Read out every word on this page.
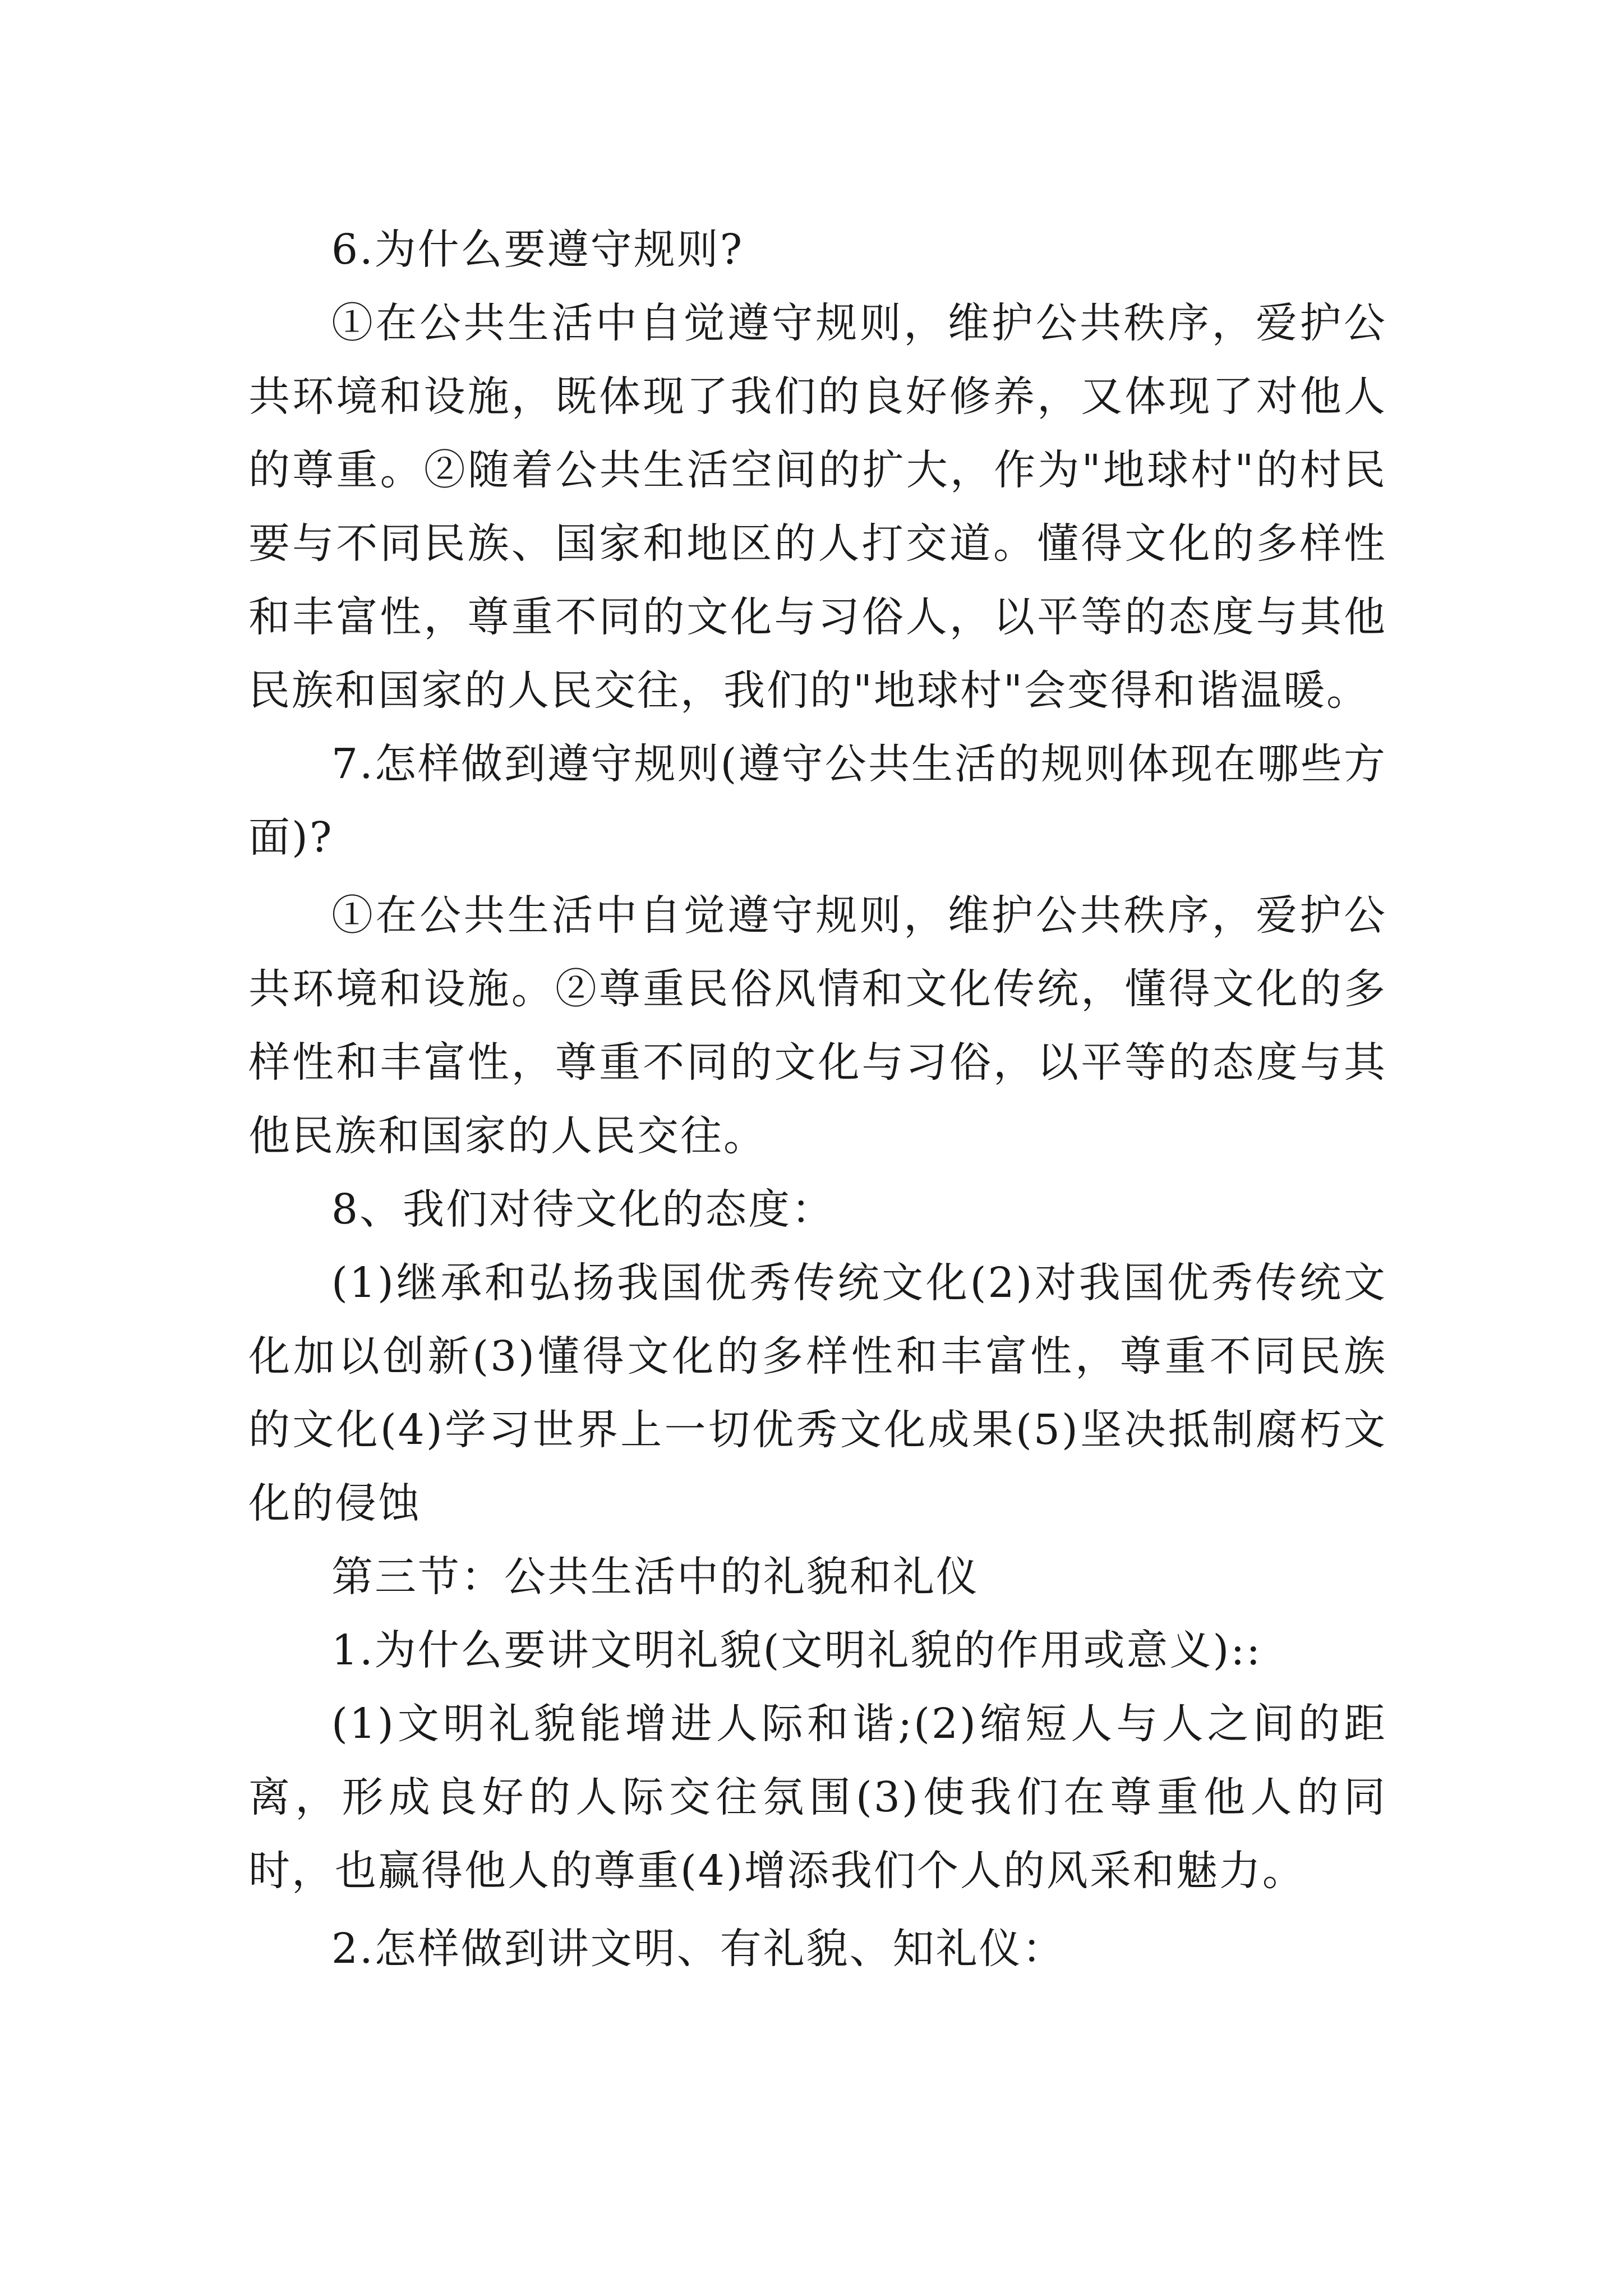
6.为什么要遵守规则?

①在公共生活中自觉遵守规则，维护公共秩序，爱护公共环境和设施，既体现了我们的良好修养，又体现了对他人的尊重。②随着公共生活空间的扩大，作为"地球村"的村民要与不同民族、国家和地区的人打交道。懂得文化的多样性和丰富性，尊重不同的文化与习俗人，以平等的态度与其他民族和国家的人民交往，我们的"地球村"会变得和谐温暖。

7.怎样做到遵守规则(遵守公共生活的规则体现在哪些方面)?

①在公共生活中自觉遵守规则，维护公共秩序，爱护公共环境和设施。②尊重民俗风情和文化传统，懂得文化的多样性和丰富性，尊重不同的文化与习俗，以平等的态度与其他民族和国家的人民交往。

8、我们对待文化的态度：

(1)继承和弘扬我国优秀传统文化(2)对我国优秀传统文化加以创新(3)懂得文化的多样性和丰富性，尊重不同民族的文化(4)学习世界上一切优秀文化成果(5)坚决抵制腐朽文化的侵蚀

第三节：公共生活中的礼貌和礼仪

1.为什么要讲文明礼貌(文明礼貌的作用或意义)::

(1)文明礼貌能增进人际和谐;(2)缩短人与人之间的距离，形成良好的人际交往氛围(3)使我们在尊重他人的同时，也赢得他人的尊重(4)增添我们个人的风采和魅力。

2.怎样做到讲文明、有礼貌、知礼仪：
